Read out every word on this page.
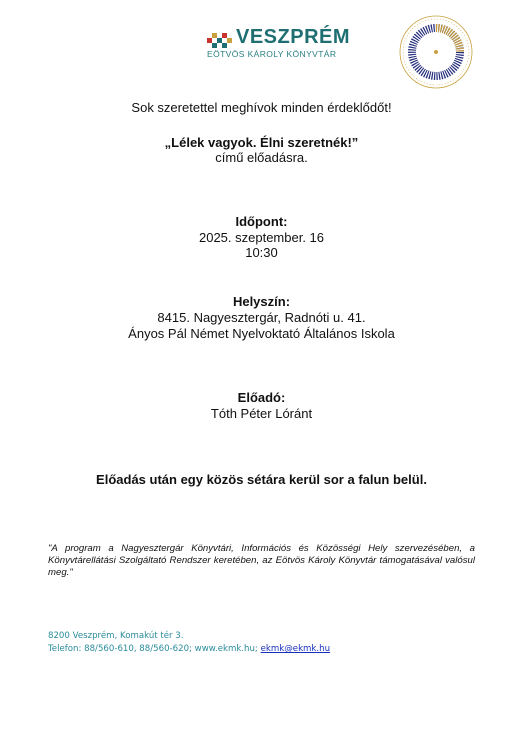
VESZPRÉM
EÖTVÖS KÁROLY KÖNYVTÁR
Sok szeretettel meghívok minden érdeklődőt!
„Lélek vagyok. Élni szeretnék!”
című előadásra.
Időpont:
2025. szeptember. 16
10:30
Helyszín:
8415. Nagyesztergár, Radnóti u. 41.
Ányos Pál Német Nyelvoktató Általános Iskola
Előadó:
Tóth Péter Lóránt
Előadás után egy közös sétára kerül sor a falun belül.
"A program a Nagyesztergár Könyvtári, Információs és Közösségi Hely szervezésében, a Könyvtárellátási Szolgáltató Rendszer keretében, az Eötvös Károly Könyvtár támogatásával valósul meg."
8200 Veszprém, Komakút tér 3.
Telefon: 88/560-610, 88/560-620; www.ekmk.hu; ekmk@ekmk.hu
